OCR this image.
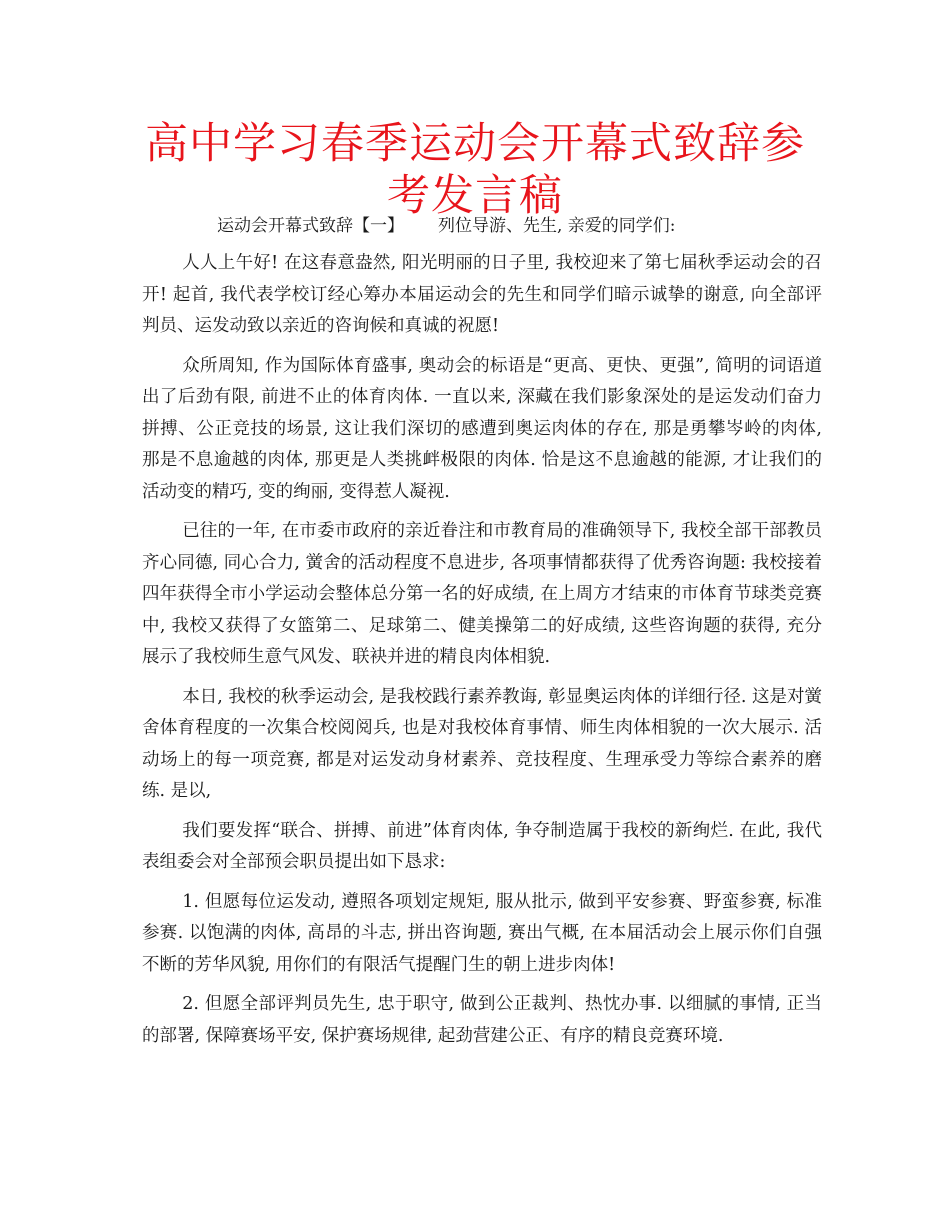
高中学习春季运动会开幕式致辞参考发言稿
运动会开幕式致辞【一】 列位导游、先生, 亲爱的同学们:

人人上午好! 在这春意盎然, 阳光明丽的日子里, 我校迎来了第七届秋季运动会的召开! 起首, 我代表学校订经心筹办本届运动会的先生和同学们暗示诚挚的谢意, 向全部评判员、运发动致以亲近的咨询候和真诚的祝愿!

众所周知, 作为国际体育盛事, 奥动会的标语是“更高、更快、更强”, 简明的词语道出了后劲有限, 前进不止的体育肉体. 一直以来, 深藏在我们影象深处的是运发动们奋力拼搏、公正竞技的场景, 这让我们深切的感遭到奥运肉体的存在, 那是勇攀岑岭的肉体, 那是不息逾越的肉体, 那更是人类挑衅极限的肉体. 恰是这不息逾越的能源, 才让我们的活动变的精巧, 变的绚丽, 变得惹人凝视.

已往的一年, 在市委市政府的亲近眷注和市教育局的准确领导下, 我校全部干部教员齐心同德, 同心合力, 黉舍的活动程度不息进步, 各项事情都获得了优秀咨询题: 我校接着四年获得全市小学运动会整体总分第一名的好成绩, 在上周方才结束的市体育节球类竞赛中, 我校又获得了女篮第二、足球第二、健美操第二的好成绩, 这些咨询题的获得, 充分展示了我校师生意气风发、联袂并进的精良肉体相貌.

本日, 我校的秋季运动会, 是我校践行素养教诲, 彰显奥运肉体的详细行径. 这是对黉舍体育程度的一次集合校阅阅兵, 也是对我校体育事情、师生肉体相貌的一次大展示. 活动场上的每一项竞赛, 都是对运发动身材素养、竞技程度、生理承受力等综合素养的磨练. 是以,

我们要发挥“联合、拼搏、前进”体育肉体, 争夺制造属于我校的新绚烂. 在此, 我代表组委会对全部预会职员提出如下恳求:

1. 但愿每位运发动, 遵照各项划定规矩, 服从批示, 做到平安参赛、野蛮参赛, 标准参赛. 以饱满的肉体, 高昂的斗志, 拼出咨询题, 赛出气概, 在本届活动会上展示你们自强不断的芳华风貌, 用你们的有限活气提醒门生的朝上进步肉体!

2. 但愿全部评判员先生, 忠于职守, 做到公正裁判、热忱办事. 以细腻的事情, 正当的部署, 保障赛场平安, 保护赛场规律, 起劲营建公正、有序的精良竞赛环境.
